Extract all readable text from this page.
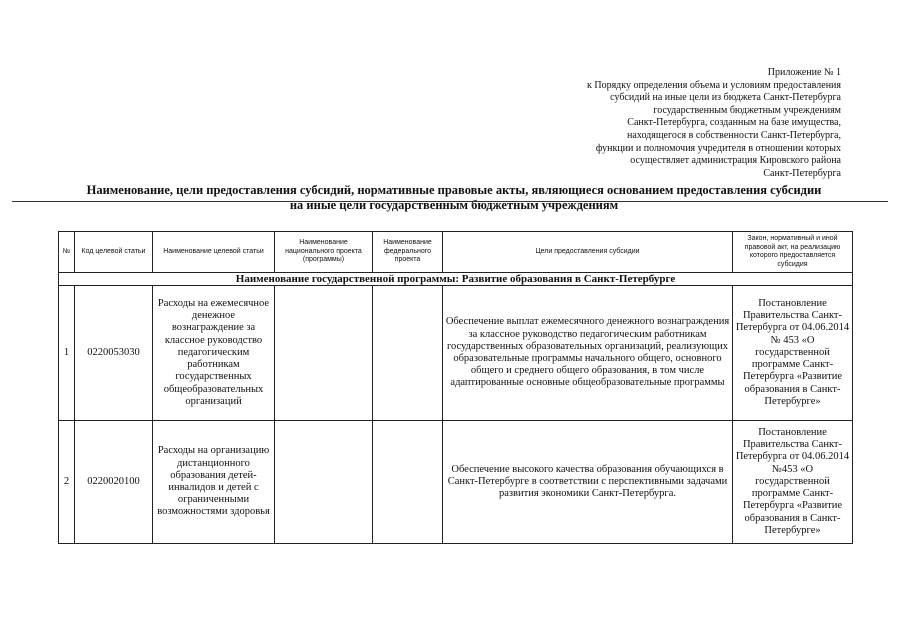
Приложение № 1
к Порядку определения объема и условиям предоставления
субсидий на иные цели из бюджета Санкт-Петербурга
государственным бюджетным учреждениям
Санкт-Петербурга, созданным на базе имущества,
находящегося в собственности Санкт-Петербурга,
функции и полномочия учредителя в отношении которых
осуществляет администрация Кировского района
Санкт-Петербурга
Наименование, цели предоставления субсидий, нормативные правовые акты, являющиеся основанием предоставления субсидии
на иные цели государственным бюджетным учреждениям
№	Код целевой статьи	Наименование целевой статьи	Наименование национального проекта (программы)	Наименование федерального проекта	Цели предоставления субсидии	Закон, нормативный и иной правовой акт, на реализацию которого предоставляется субсидия
Наименование государственной программы: Развитие образования в Санкт-Петербурге						
1	0220053030	Расходы на ежемесячное денежное вознаграждение за классное руководство педагогическим работникам государственных общеобразовательных организаций			Обеспечение выплат ежемесячного денежного вознаграждения за классное руководство педагогическим работникам государственных образовательных организаций, реализующих образовательные программы начального общего, основного общего и среднего общего образования, в том числе адаптированные основные общеобразовательные программы	Постановление Правительства Санкт-Петербурга от 04.06.2014 № 453 «О государственной программе Санкт-Петербурга «Развитие образования в Санкт-Петербурге»
2	0220020100	Расходы на организацию дистанционного образования детей-инвалидов и детей с ограниченными возможностями здоровья			Обеспечение высокого качества образования обучающихся в Санкт-Петербурге в соответствии с перспективными задачами развития экономики Санкт-Петербурга.	Постановление Правительства Санкт-Петербурга от 04.06.2014 №453 «О государственной программе Санкт-Петербурга «Развитие образования в Санкт-Петербурге»
